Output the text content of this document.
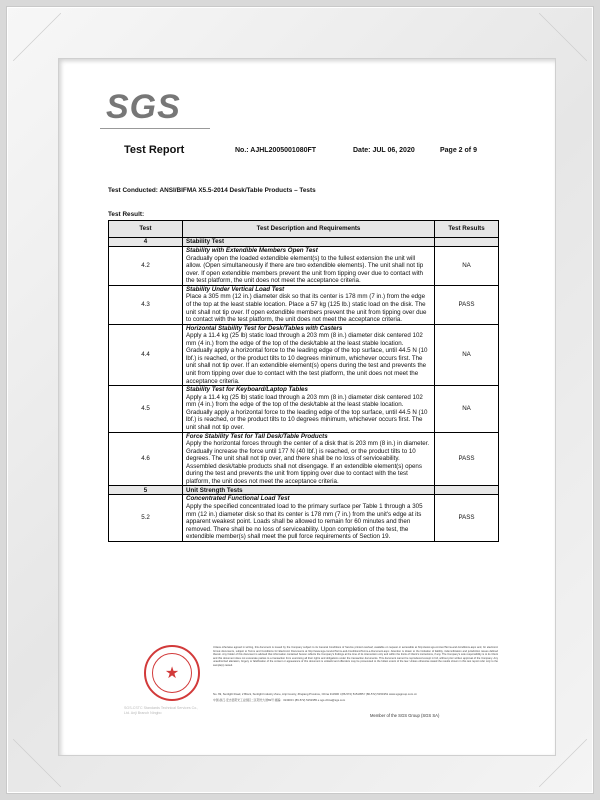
SGS
Test Report	No.: AJHL2005001080FT	Date: JUL 06, 2020	Page 2 of 9
Test Conducted: ANSI/BIFMA X5.5-2014 Desk/Table Products – Tests
Test Result:
Test	Test Description and Requirements	Test Results
4	Stability Test	
4.2	Stability with Extendible Members Open Test
Gradually open the loaded extendible element(s) to the fullest extension the unit will allow. (Open simultaneously if there are two extendible elements). The unit shall not tip over. If open extendible members prevent the unit from tipping over due to contact with the test platform, the unit does not meet the acceptance criteria.	NA
4.3	Stability Under Vertical Load Test
Place a 305 mm (12 in.) diameter disk so that its center is 178 mm (7 in.) from the edge of the top at the least stable location. Place a 57 kg (125 lb.) static load on the disk. The unit shall not tip over. If open extendible members prevent the unit from tipping over due to contact with the test platform, the unit does not meet the acceptance criteria.	PASS
4.4	Horizontal Stability Test for Desk/Tables with Casters
Apply a 11.4 kg (25 lb) static load through a 203 mm (8 in.) diameter disk centered 102 mm (4 in.) from the edge of the top of the desk/table at the least stable location. Gradually apply a horizontal force to the leading edge of the top surface, until 44.5 N (10 lbf.) is reached, or the product tilts to 10 degrees minimum, whichever occurs first. The unit shall not tip over. If an extendible element(s) opens during the test and prevents the unit from tipping over due to contact with the test platform, the unit does not meet the acceptance criteria.	NA
4.5	Stability Test for Keyboard/Laptop Tables
Apply a 11.4 kg (25 lb) static load through a 203 mm (8 in.) diameter disk centered 102 mm (4 in.) from the edge of the top of the desk/table at the least stable location. Gradually apply a horizontal force to the leading edge of the top surface, until 44.5 N (10 lbf.) is reached, or the product tilts to 10 degrees minimum, whichever occurs first. The unit shall not tip over.	NA
4.6	Force Stability Test for Tall Desk/Table Products
Apply the horizontal forces through the center of a disk that is 203 mm (8 in.) in diameter. Gradually increase the force until 177 N (40 lbf.) is reached, or the product tilts to 10 degrees. The unit shall not tip over, and there shall be no loss of serviceability. Assembled desk/table products shall not disengage. If an extendible element(s) opens during the test and prevents the unit from tipping over due to contact with the test platform, the unit does not meet the acceptance criteria.	PASS
5	Unit Strength Tests	
5.2	Concentrated Functional Load Test
Apply the specified concentrated load to the primary surface per Table 1 through a 305 mm (12 in.) diameter disk so that its center is 178 mm (7 in.) from the unit's edge at its apparent weakest point. Loads shall be allowed to remain for 60 minutes and then removed. There shall be no loss of serviceability. Upon completion of the test, the extendible member(s) shall meet the pull force requirements of Section 19.	PASS
★
SGS-CSTC Standards Technical Services Co., Ltd. Anji Branch Ningbo
Unless otherwise agreed in writing, this document is issued by the Company subject to its General Conditions of Service printed overleaf, available on request or accessible at http://www.sgs.com/en/Terms-and-Conditions.aspx and, for electronic format documents, subject to Terms and Conditions for Electronic Documents at http://www.sgs.com/en/Terms-and-Conditions/Terms-e-Document.aspx. Attention is drawn to the limitation of liability, indemnification and jurisdiction issues defined therein. Any holder of this document is advised that information contained hereon reflects the Company's findings at the time of its intervention only and within the limits of Client's instructions, if any. The Company's sole responsibility is to its Client and this document does not exonerate parties to a transaction from exercising all their rights and obligations under the transaction documents. This document cannot be reproduced except in full, without prior written approval of the Company. Any unauthorized alteration, forgery or falsification of the content or appearance of this document is unlawful and offenders may be prosecuted to the fullest extent of the law. Unless otherwise stated the results shown in this test report refer only to the sample(s) tested.
No. 69, Sunlight Road, 2 Block, Sunlight Industry Zone, Anji County, Zhejiang Province, China 313300 t (86-572) 5151955 f (86-572) 5151951 www.sgsgroup.com.cn
中国·浙江·安吉县阳光工业园区二区阳光大道69号 邮编：313300 t (86-572) 5151955 e sgs.china@sgs.com
Member of the SGS Group (SGS SA)
